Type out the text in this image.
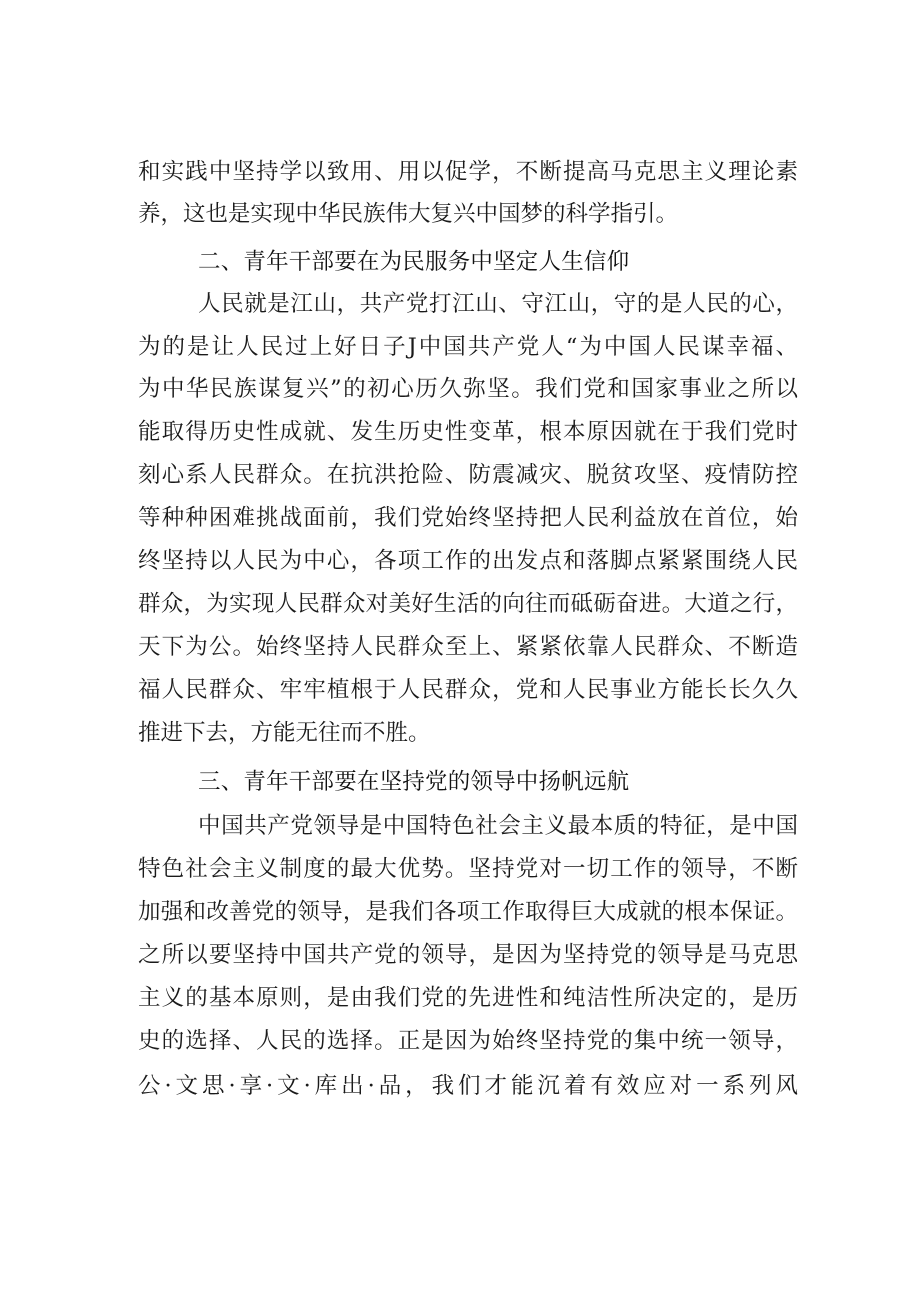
和实践中坚持学以致用、用以促学，不断提高马克思主义理论素
养，这也是实现中华民族伟大复兴中国梦的科学指引。
二、青年干部要在为民服务中坚定人生信仰
人民就是江山，共产党打江山、守江山，守的是人民的心，
为的是让人民过上好日子J中国共产党人“为中国人民谋幸福、
为中华民族谋复兴”的初心历久弥坚。我们党和国家事业之所以
能取得历史性成就、发生历史性变革，根本原因就在于我们党时
刻心系人民群众。在抗洪抢险、防震减灾、脱贫攻坚、疫情防控
等种种困难挑战面前，我们党始终坚持把人民利益放在首位，始
终坚持以人民为中心，各项工作的出发点和落脚点紧紧围绕人民
群众，为实现人民群众对美好生活的向往而砥砺奋进。大道之行，
天下为公。始终坚持人民群众至上、紧紧依靠人民群众、不断造
福人民群众、牢牢植根于人民群众，党和人民事业方能长长久久
推进下去，方能无往而不胜。
三、青年干部要在坚持党的领导中扬帆远航
中国共产党领导是中国特色社会主义最本质的特征，是中国
特色社会主义制度的最大优势。坚持党对一切工作的领导，不断
加强和改善党的领导，是我们各项工作取得巨大成就的根本保证。
之所以要坚持中国共产党的领导，是因为坚持党的领导是马克思
主义的基本原则，是由我们党的先进性和纯洁性所决定的，是历
史的选择、人民的选择。正是因为始终坚持党的集中统一领导，
公·文思·享·文·库出·品，我们才能沉着有效应对一系列风
